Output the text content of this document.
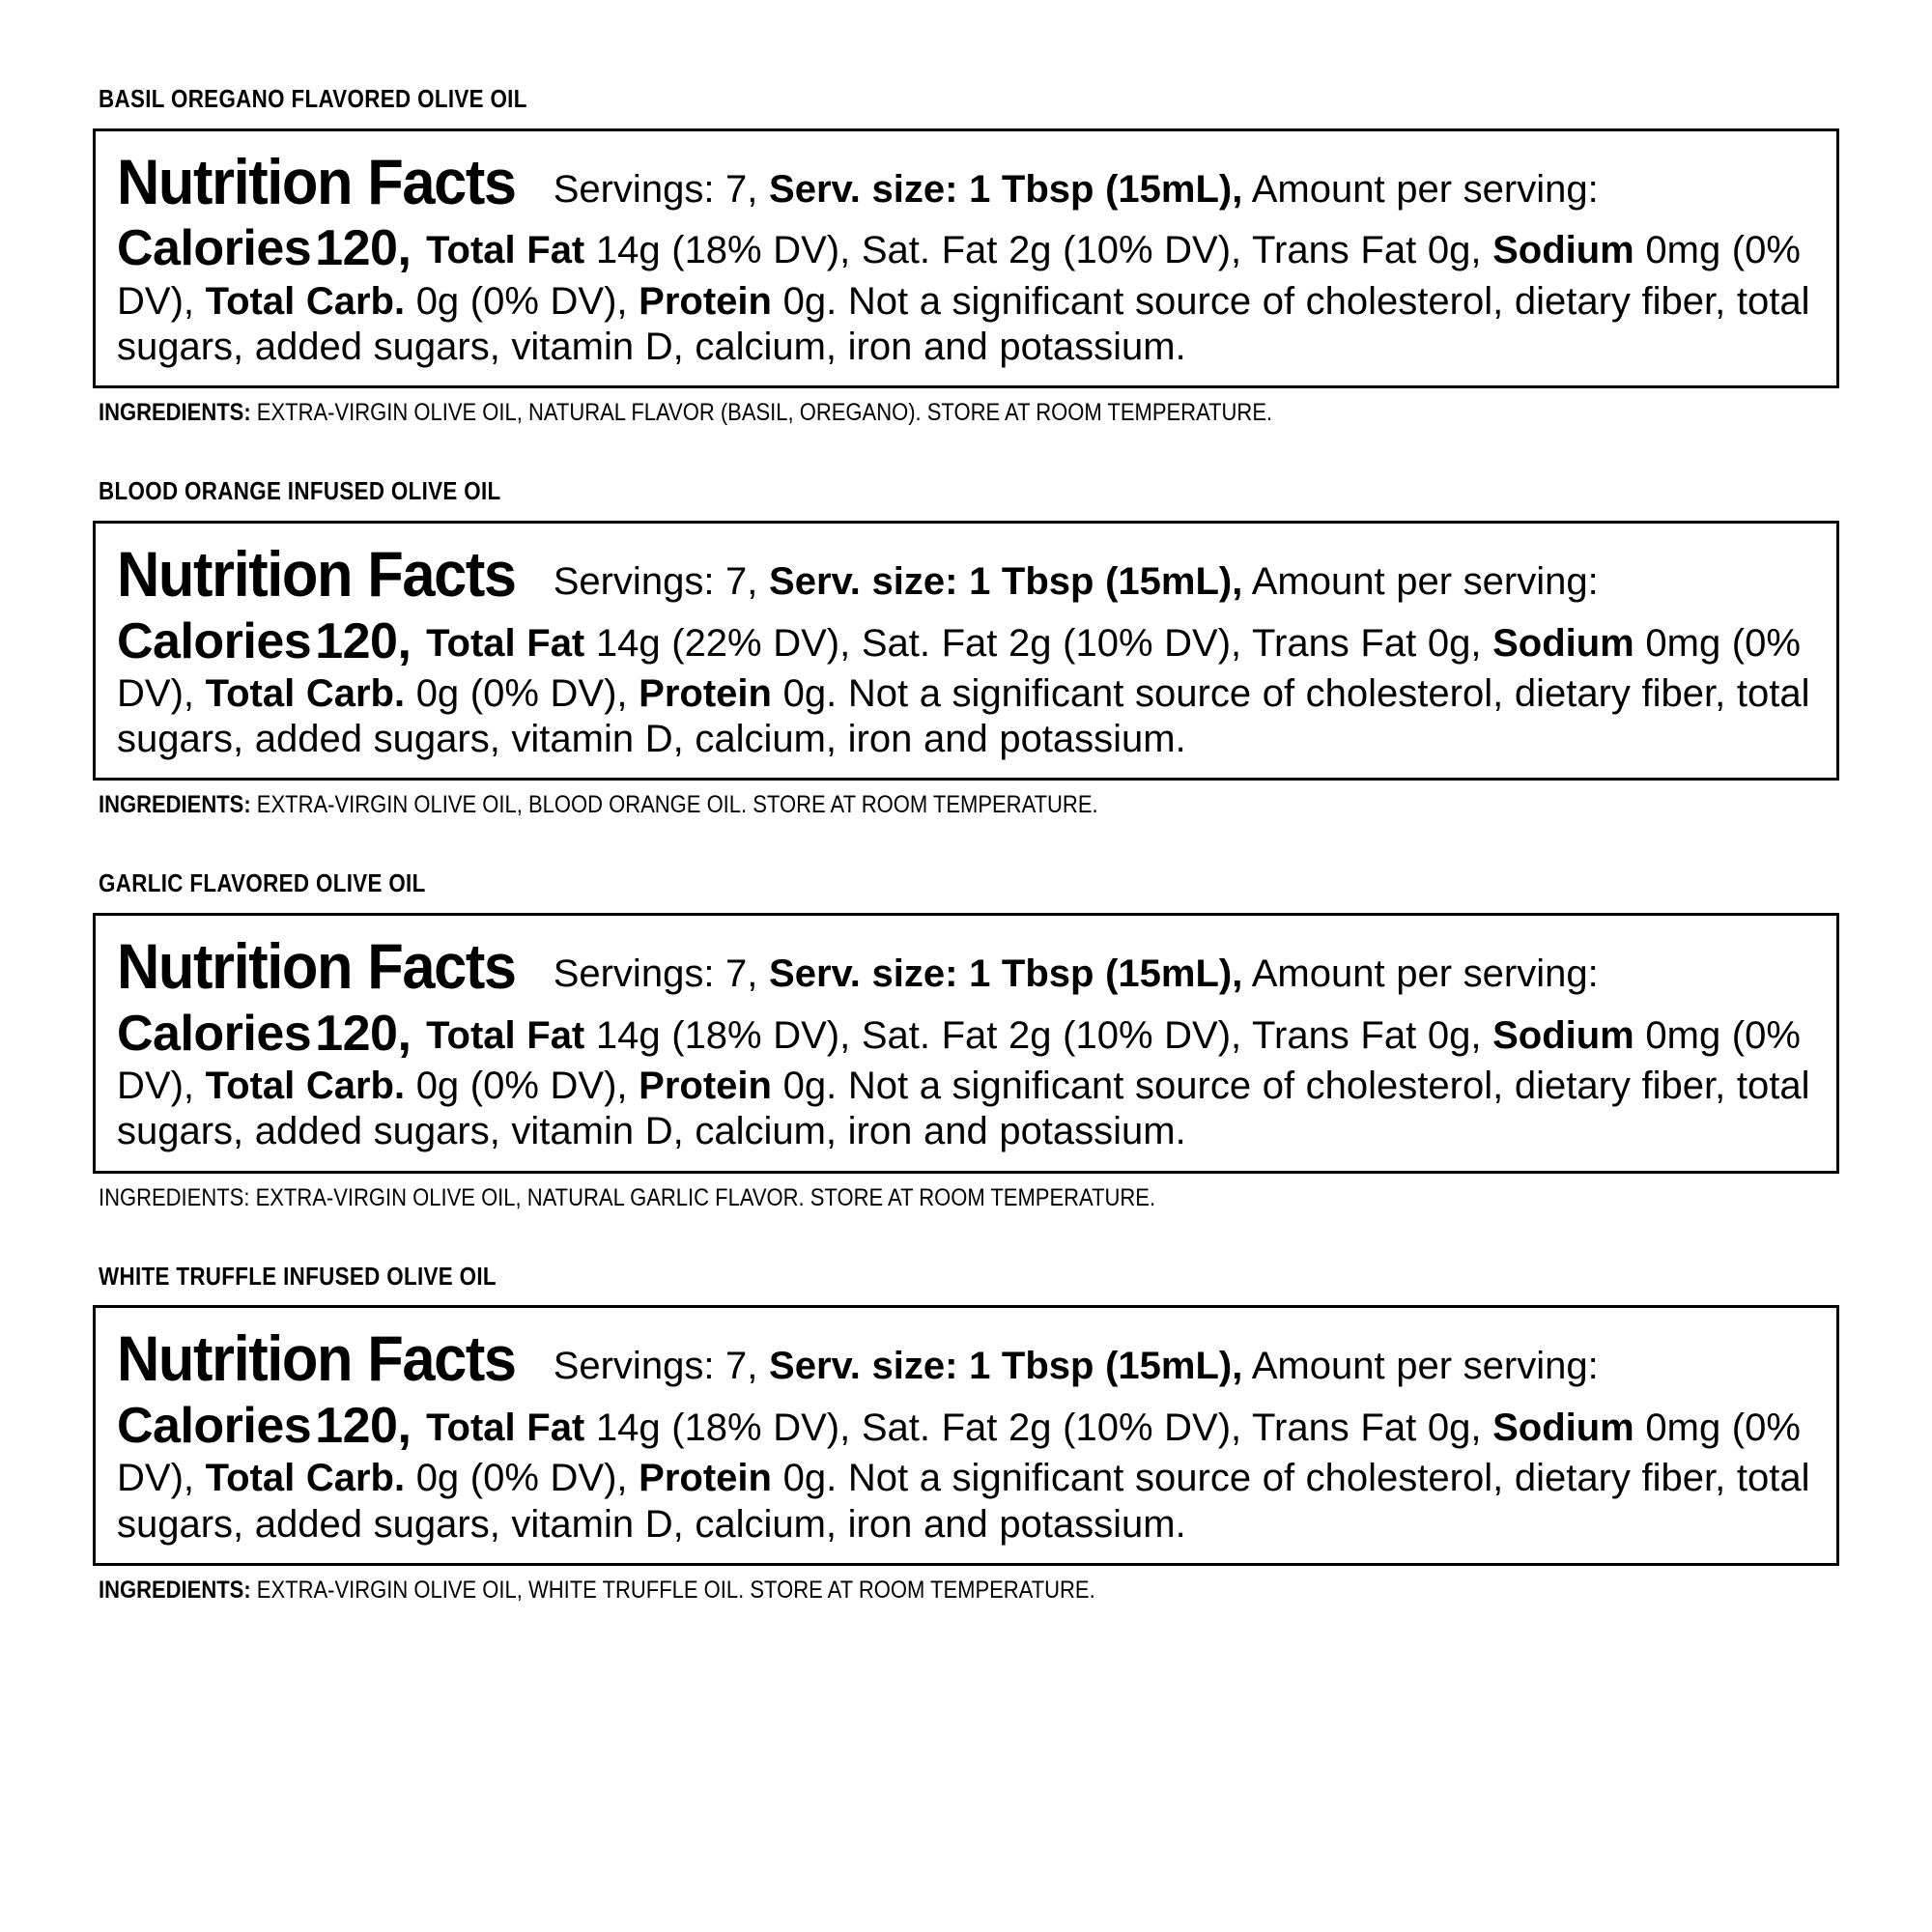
BASIL OREGANO FLAVORED OLIVE OIL
Nutrition Facts Servings: 7, Serv. size: 1 Tbsp (15mL), Amount per serving: Calories120, Total Fat 14g (18% DV), Sat. Fat 2g (10% DV), Trans Fat 0g, Sodium 0mg (0% DV), Total Carb. 0g (0% DV), Protein 0g. Not a significant source of cholesterol, dietary fiber, total sugars, added sugars, vitamin D, calcium, iron and potassium.
INGREDIENTS: EXTRA-VIRGIN OLIVE OIL, NATURAL FLAVOR (BASIL, OREGANO). STORE AT ROOM TEMPERATURE.
BLOOD ORANGE INFUSED OLIVE OIL
Nutrition Facts Servings: 7, Serv. size: 1 Tbsp (15mL), Amount per serving: Calories120, Total Fat 14g (22% DV), Sat. Fat 2g (10% DV), Trans Fat 0g, Sodium 0mg (0% DV), Total Carb. 0g (0% DV), Protein 0g. Not a significant source of cholesterol, dietary fiber, total sugars, added sugars, vitamin D, calcium, iron and potassium.
INGREDIENTS: EXTRA-VIRGIN OLIVE OIL, BLOOD ORANGE OIL. STORE AT ROOM TEMPERATURE.
GARLIC FLAVORED OLIVE OIL
Nutrition Facts Servings: 7, Serv. size: 1 Tbsp (15mL), Amount per serving: Calories120, Total Fat 14g (18% DV), Sat. Fat 2g (10% DV), Trans Fat 0g, Sodium 0mg (0% DV), Total Carb. 0g (0% DV), Protein 0g. Not a significant source of cholesterol, dietary fiber, total sugars, added sugars, vitamin D, calcium, iron and potassium.
INGREDIENTS: EXTRA-VIRGIN OLIVE OIL, NATURAL GARLIC FLAVOR. STORE AT ROOM TEMPERATURE.
WHITE TRUFFLE INFUSED OLIVE OIL
Nutrition Facts Servings: 7, Serv. size: 1 Tbsp (15mL), Amount per serving: Calories120, Total Fat 14g (18% DV), Sat. Fat 2g (10% DV), Trans Fat 0g, Sodium 0mg (0% DV), Total Carb. 0g (0% DV), Protein 0g. Not a significant source of cholesterol, dietary fiber, total sugars, added sugars, vitamin D, calcium, iron and potassium.
INGREDIENTS: EXTRA-VIRGIN OLIVE OIL, WHITE TRUFFLE OIL. STORE AT ROOM TEMPERATURE.
